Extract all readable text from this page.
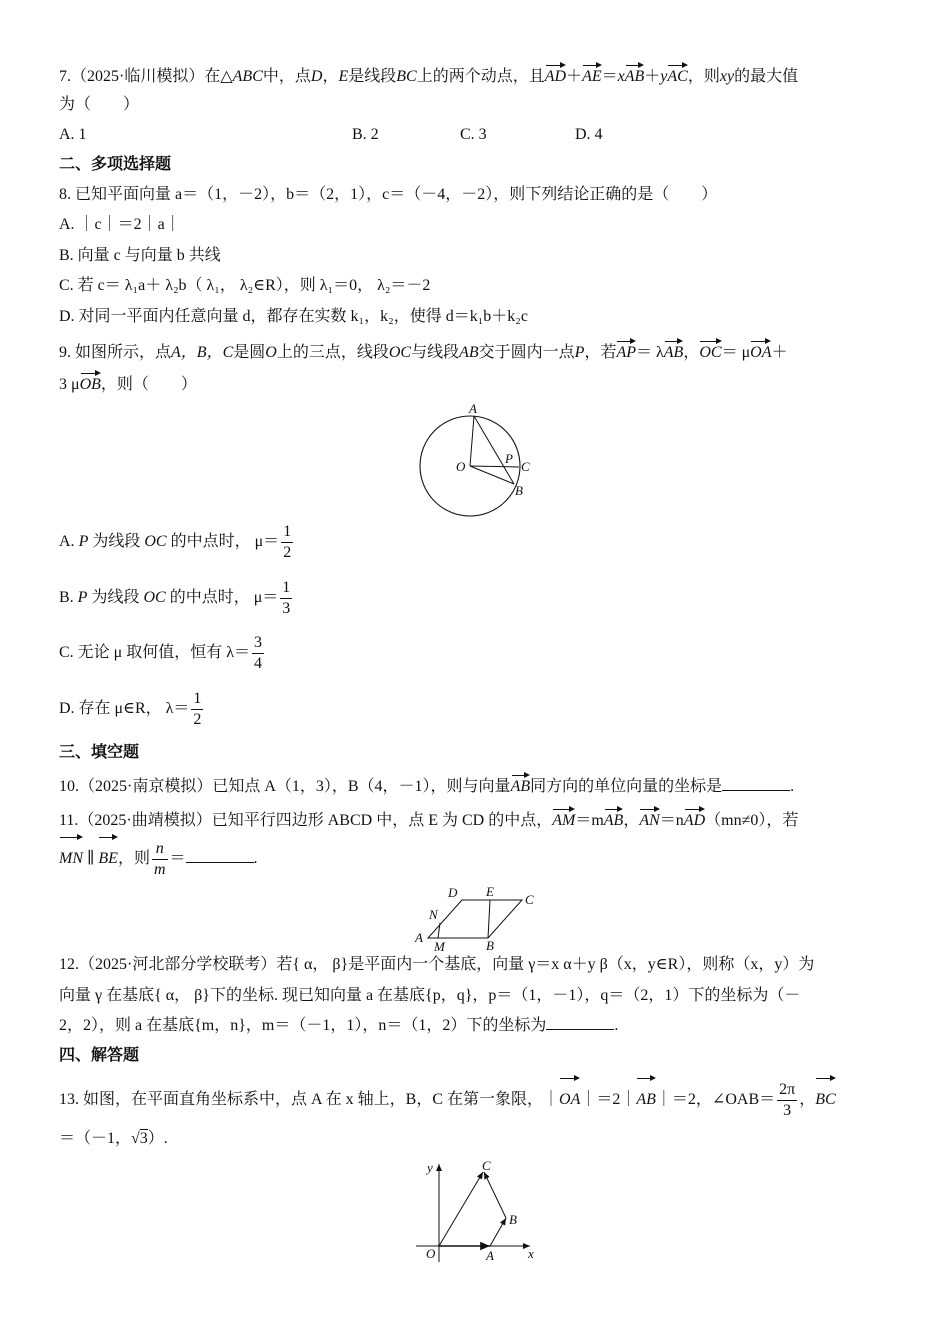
7.（2025·临川模拟）在△ABC中，点D，E是线段BC上的两个动点，且AD＋AE＝xAB＋yAC，则xy的最大值
为（　　）
A. 1	B. 2	C. 3	D. 4
二、多项选择题
8. 已知平面向量 a＝（1，－2），b＝（2，1），c＝（－4，－2），则下列结论正确的是（　　）
A. ｜c｜＝2｜a｜
B. 向量 c 与向量 b 共线
C. 若 c＝ λ₁a＋ λ₂b（ λ₁， λ₂∈R），则 λ₁＝0， λ₂＝－2
D. 对同一平面内任意向量 d，都存在实数 k₁，k₂，使得 d＝k₁b＋k₂c
9. 如图所示，点A，B，C是圆O上的三点，线段OC与线段AB交于圆内一点P，若AP＝ λAB，OC＝ μOA＋
3 μOB，则（　　）
A
O
P
C
B
A. P 为线段 OC 的中点时， $\mu= \frac{1}{2}$
B. P 为线段 OC 的中点时， $\mu= \frac{1}{3}$
C. 无论 μ 取何值，恒有 $\lambda= \frac{3}{4}$
D. 存在 μ∈R， $\lambda= \frac{1}{2}$
三、填空题
10.（2025·南京模拟）已知点 A（1，3），B（4，－1），则与向量AB同方向的单位向量的坐标是	.
11.（2025·曲靖模拟）已知平行四边形 ABCD 中，点 E 为 CD 的中点，AM＝mAB，AN＝nAD（mn≠0），若
MN ∥ BE，则 $\frac{n}{m}$ ＝	.
D E
C
N
A
M	B
12.（2025·河北部分学校联考）若{ α， β}是平面内一个基底，向量 γ＝x α＋y β（x，y∈R），则称（x，y）为
向量 γ 在基底{ α， β}下的坐标. 现已知向量 a 在基底{p，q}，p＝（1，－1），q＝（2，1）下的坐标为（－
2，2），则 a 在基底{m，n}，m＝（－1，1），n＝（1，2）下的坐标为	.
四、解答题
13. 如图，在平面直角坐标系中，点 A 在 x 轴上，B，C 在第一象限，｜OA｜＝2｜AB｜＝2，∠OAB＝ $\frac{2\pi}{3}$ ，BC
＝（－1，√3）.
y	C
B
O	A	x
